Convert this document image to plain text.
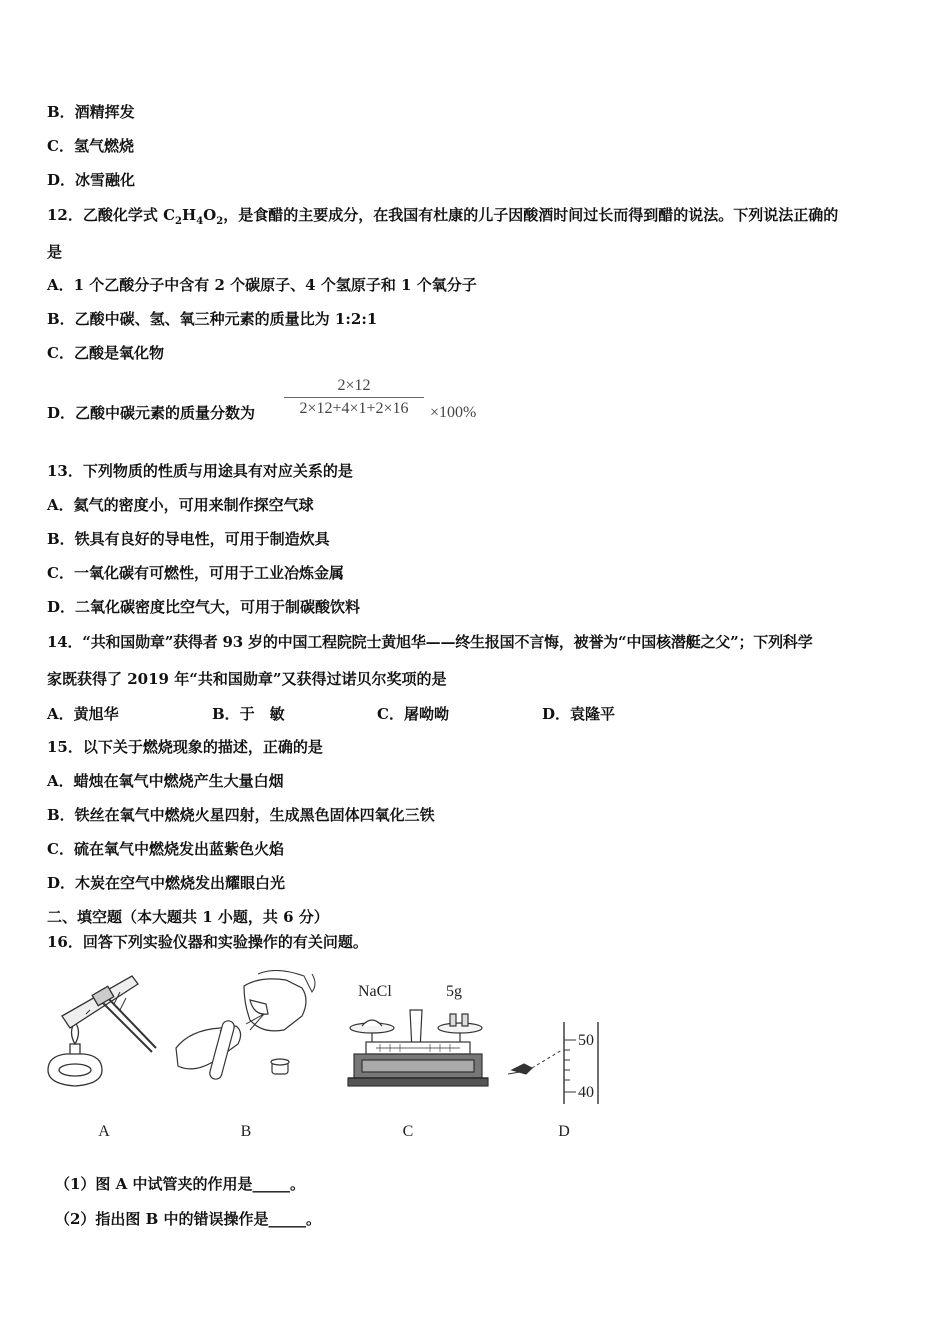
B．酒精挥发
C．氢气燃烧
D．冰雪融化
12．乙酸化学式 $C_2H_4O_2$，是食醋的主要成分，在我国有杜康的儿子因酸酒时间过长而得到醋的说法。下列说法正确的
是
A．1 个乙酸分子中含有 2 个碳原子、4 个氢原子和 1 个氧分子
B．乙酸中碳、氢、氧三种元素的质量比为 1:2:1
C．乙酸是氧化物
D．乙酸中碳元素的质量分数为 $\frac{2\times 12}{2\times 12+4\times 1+2\times 16} \times 100\%$
13．下列物质的性质与用途具有对应关系的是
A．氦气的密度小，可用来制作探空气球
B．铁具有良好的导电性，可用于制造炊具
C．一氧化碳有可燃性，可用于工业冶炼金属
D．二氧化碳密度比空气大，可用于制碳酸饮料
14．“共和国勋章”获得者 93 岁的中国工程院院士黄旭华——终生报国不言悔，被誉为“中国核潜艇之父”；下列科学
家既获得了 2019 年“共和国勋章”又获得过诺贝尔奖项的是
A．黄旭华	B．于　敏	C．屠呦呦	D．袁隆平
15．以下关于燃烧现象的描述，正确的是
A．蜡烛在氧气中燃烧产生大量白烟
B．铁丝在氧气中燃烧火星四射，生成黑色固体四氧化三铁
C．硫在氧气中燃烧发出蓝紫色火焰
D．木炭在空气中燃烧发出耀眼白光
二、填空题（本大题共 1 小题，共 6 分）
16．回答下列实验仪器和实验操作的有关问题。
NaCl	5g
50
40
A	B	C	D
（1）图 A 中试管夹的作用是_____。
（2）指出图 B 中的错误操作是_____。
